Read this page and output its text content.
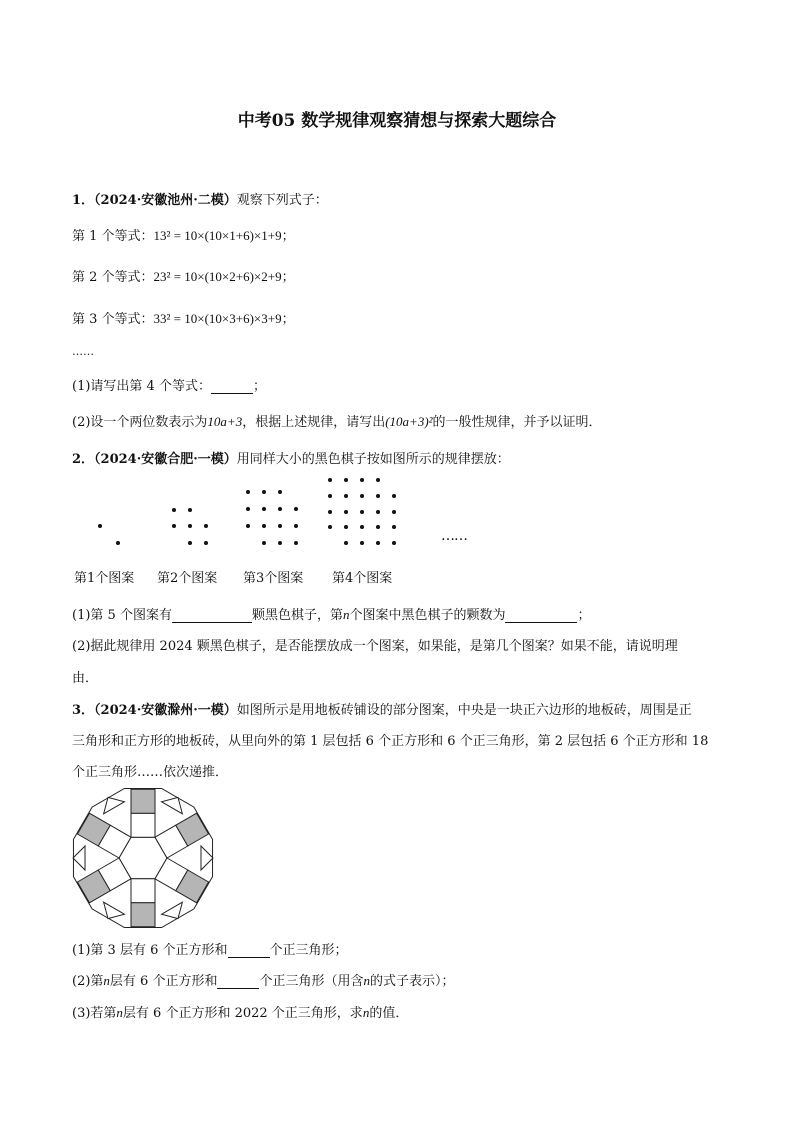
中考05 数学规律观察猜想与探索大题综合
1．（2024·安徽池州·二模）观察下列式子：
第 1 个等式：13² = 10×(10×1+6)×1+9；
第 2 个等式：23² = 10×(10×2+6)×2+9；
第 3 个等式：33² = 10×(10×3+6)×3+9；
……
(1)请写出第 4 个等式：	；
(2)设一个两位数表示为10a+3，根据上述规律，请写出(10a+3)²的一般性规律，并予以证明．
2．（2024·安徽合肥·一模）用同样大小的黑色棋子按如图所示的规律摆放：
……
第1个图案 第2个图案 第3个图案 第4个图案
(1)第 5 个图案有	颗黑色棋子，第n个图案中黑色棋子的颗数为	；
(2)据此规律用 2024 颗黑色棋子，是否能摆放成一个图案，如果能，是第几个图案？如果不能，请说明理
由．
3．（2024·安徽滁州·一模）如图所示是用地板砖铺设的部分图案，中央是一块正六边形的地板砖，周围是正
三角形和正方形的地板砖，从里向外的第 1 层包括 6 个正方形和 6 个正三角形，第 2 层包括 6 个正方形和 18
个正三角形……依次递推．
(1)第 3 层有 6 个正方形和	个正三角形；
(2)第n层有 6 个正方形和	个正三角形（用含n的式子表示）；
(3)若第n层有 6 个正方形和 2022 个正三角形，求n的值．
